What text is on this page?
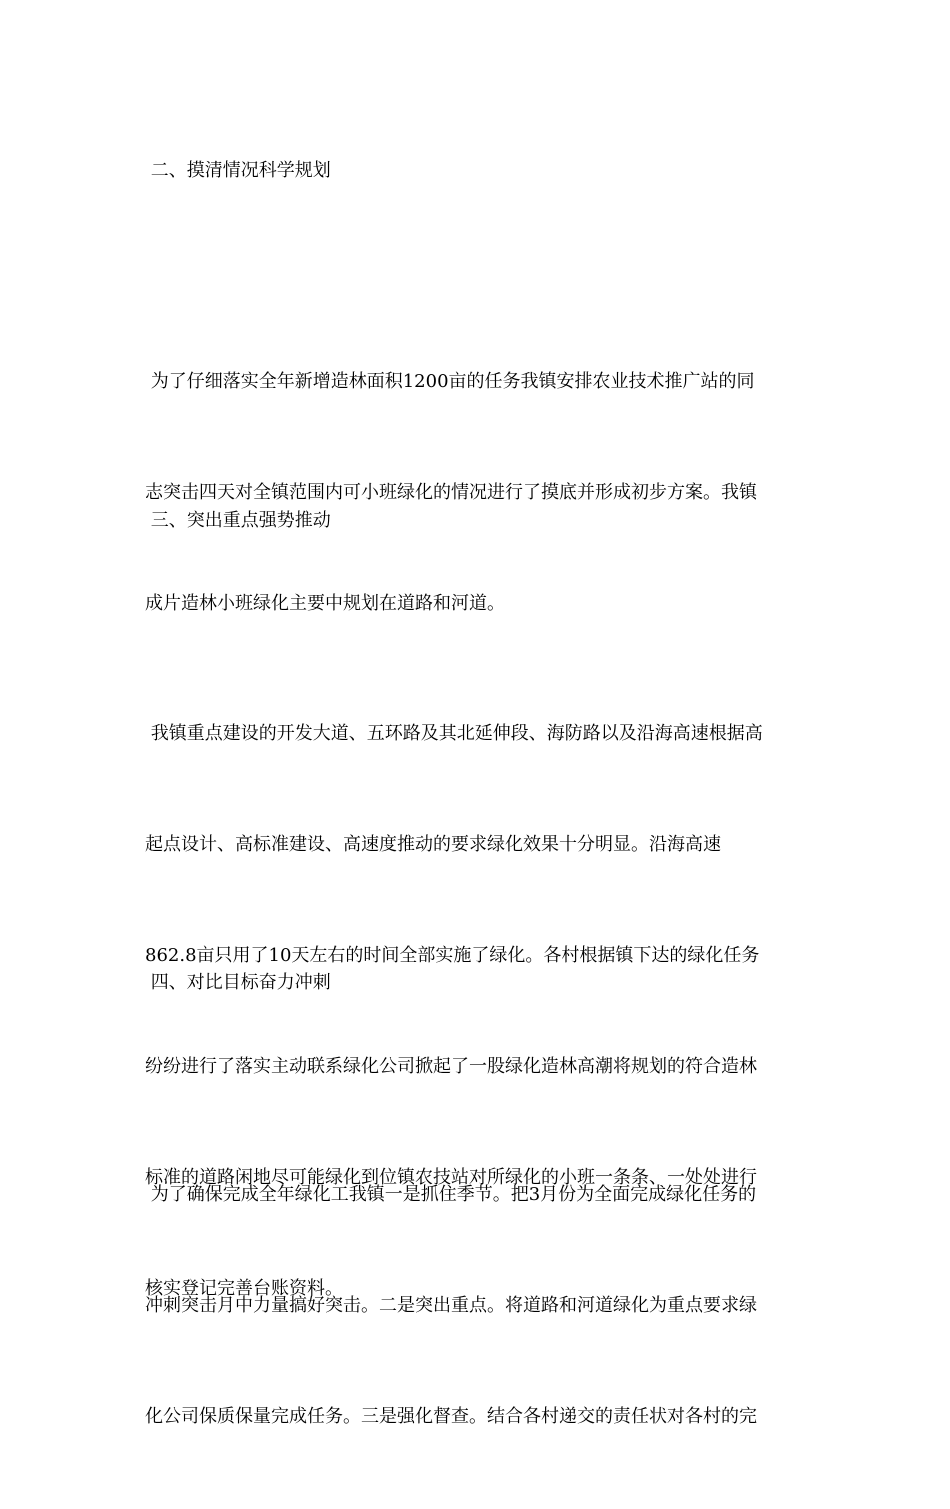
二、摸清情况科学规划

为了仔细落实全年新增造林面积1200亩的任务我镇安排农业技术推广站的同

志突击四天对全镇范围内可小班绿化的情况进行了摸底并形成初步方案。我镇

成片造林小班绿化主要中规划在道路和河道。

三、突出重点强势推动

我镇重点建设的开发大道、五环路及其北延伸段、海防路以及沿海高速根据高

起点设计、高标准建设、高速度推动的要求绿化效果十分明显。沿海高速

862.8亩只用了10天左右的时间全部实施了绿化。各村根据镇下达的绿化任务

纷纷进行了落实主动联系绿化公司掀起了一股绿化造林高潮将规划的符合造林

标准的道路闲地尽可能绿化到位镇农技站对所绿化的小班一条条、一处处进行

核实登记完善台账资料。

四、对比目标奋力冲刺

为了确保完成全年绿化工我镇一是抓住季节。把3月份为全面完成绿化任务的

冲刺突击月中力量搞好突击。二是突出重点。将道路和河道绿化为重点要求绿

化公司保质保量完成任务。三是强化督查。结合各村递交的责任状对各村的完
